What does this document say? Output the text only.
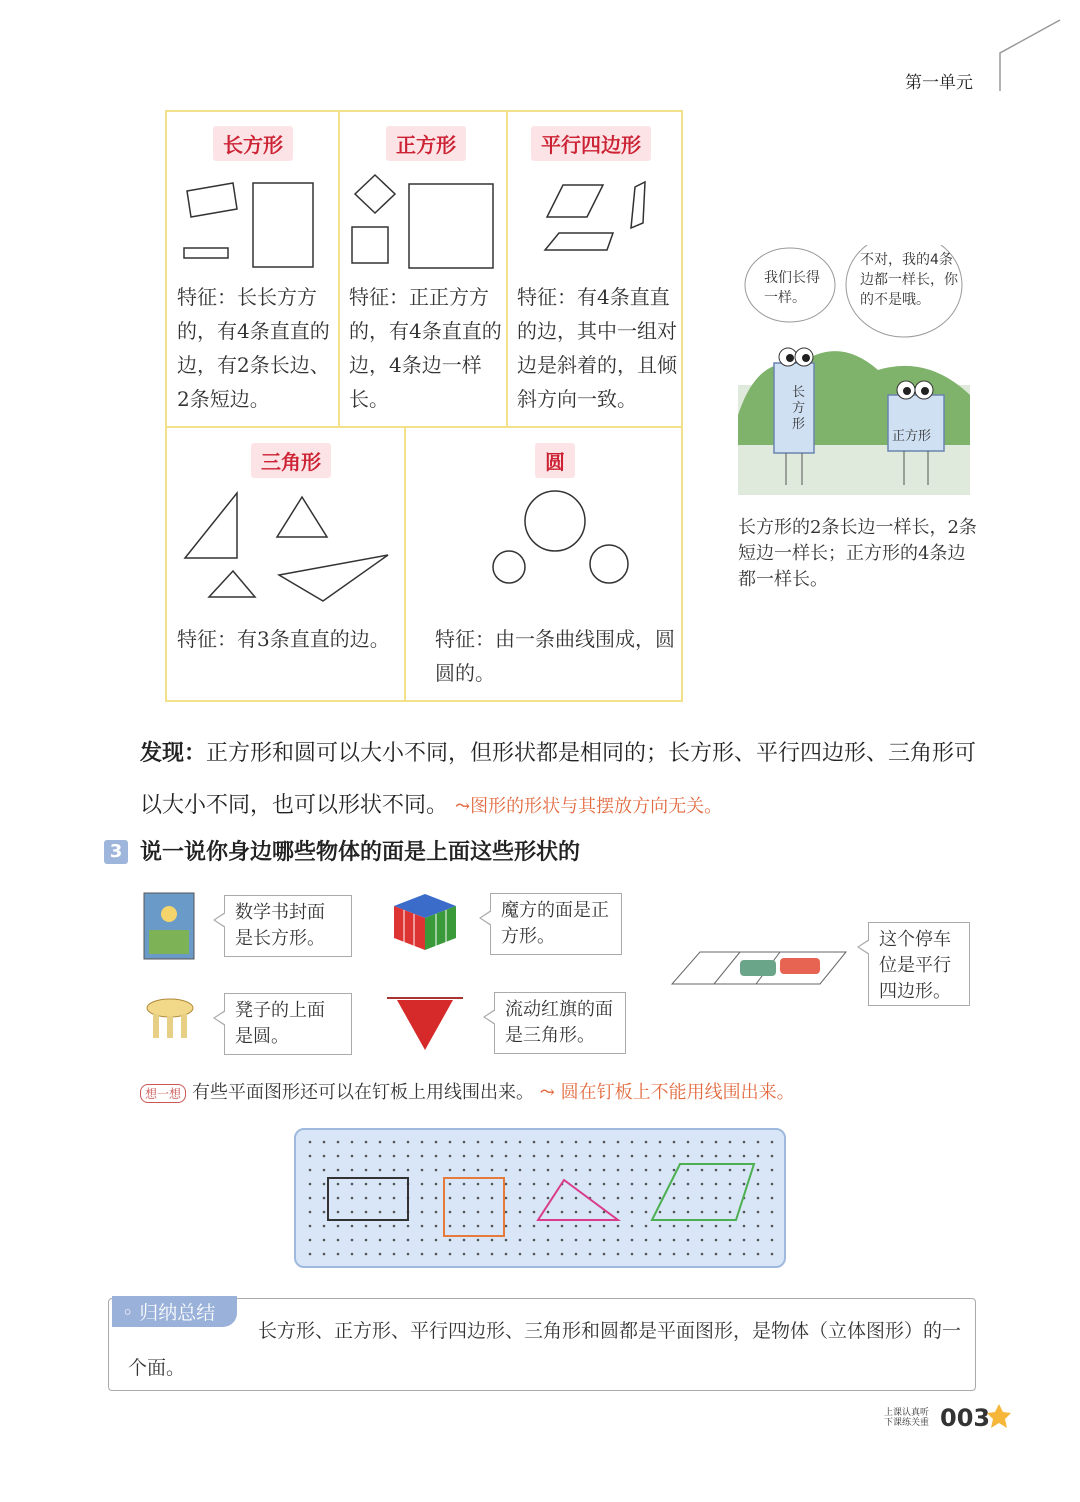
第一单元
长方形
特征：长长方方的，有4条直直的边，有2条长边、2条短边。
正方形
特征：正正方方的，有4条直直的边，4条边一样长。
平行四边形
特征：有4条直直的边，其中一组对边是斜着的，且倾斜方向一致。
三角形
特征：有3条直直的边。
圆
特征：由一条曲线围成，圆圆的。
我们长得一样。
不对，我的4条边都一样长，你的不是哦。
长方形
正方形
长方形的2条长边一样长，2条短边一样长；正方形的4条边都一样长。
发现：正方形和圆可以大小不同，但形状都是相同的；长方形、平行四边形、三角形可以大小不同，也可以形状不同。 ⤳图形的形状与其摆放方向无关。
3 说一说你身边哪些物体的面是上面这些形状的
数学书封面是长方形。
魔方的面是正方形。
凳子的上面是圆。
流动红旗的面是三角形。
这个停车位是平行四边形。
想一想 有些平面图形还可以在钉板上用线围出来。 ⤳ 圆在钉板上不能用线围出来。
◦ 归纳总结
长方形、正方形、平行四边形、三角形和圆都是平面图形，是物体（立体图形）的一个面。
上课认真听 下课练关重 003
